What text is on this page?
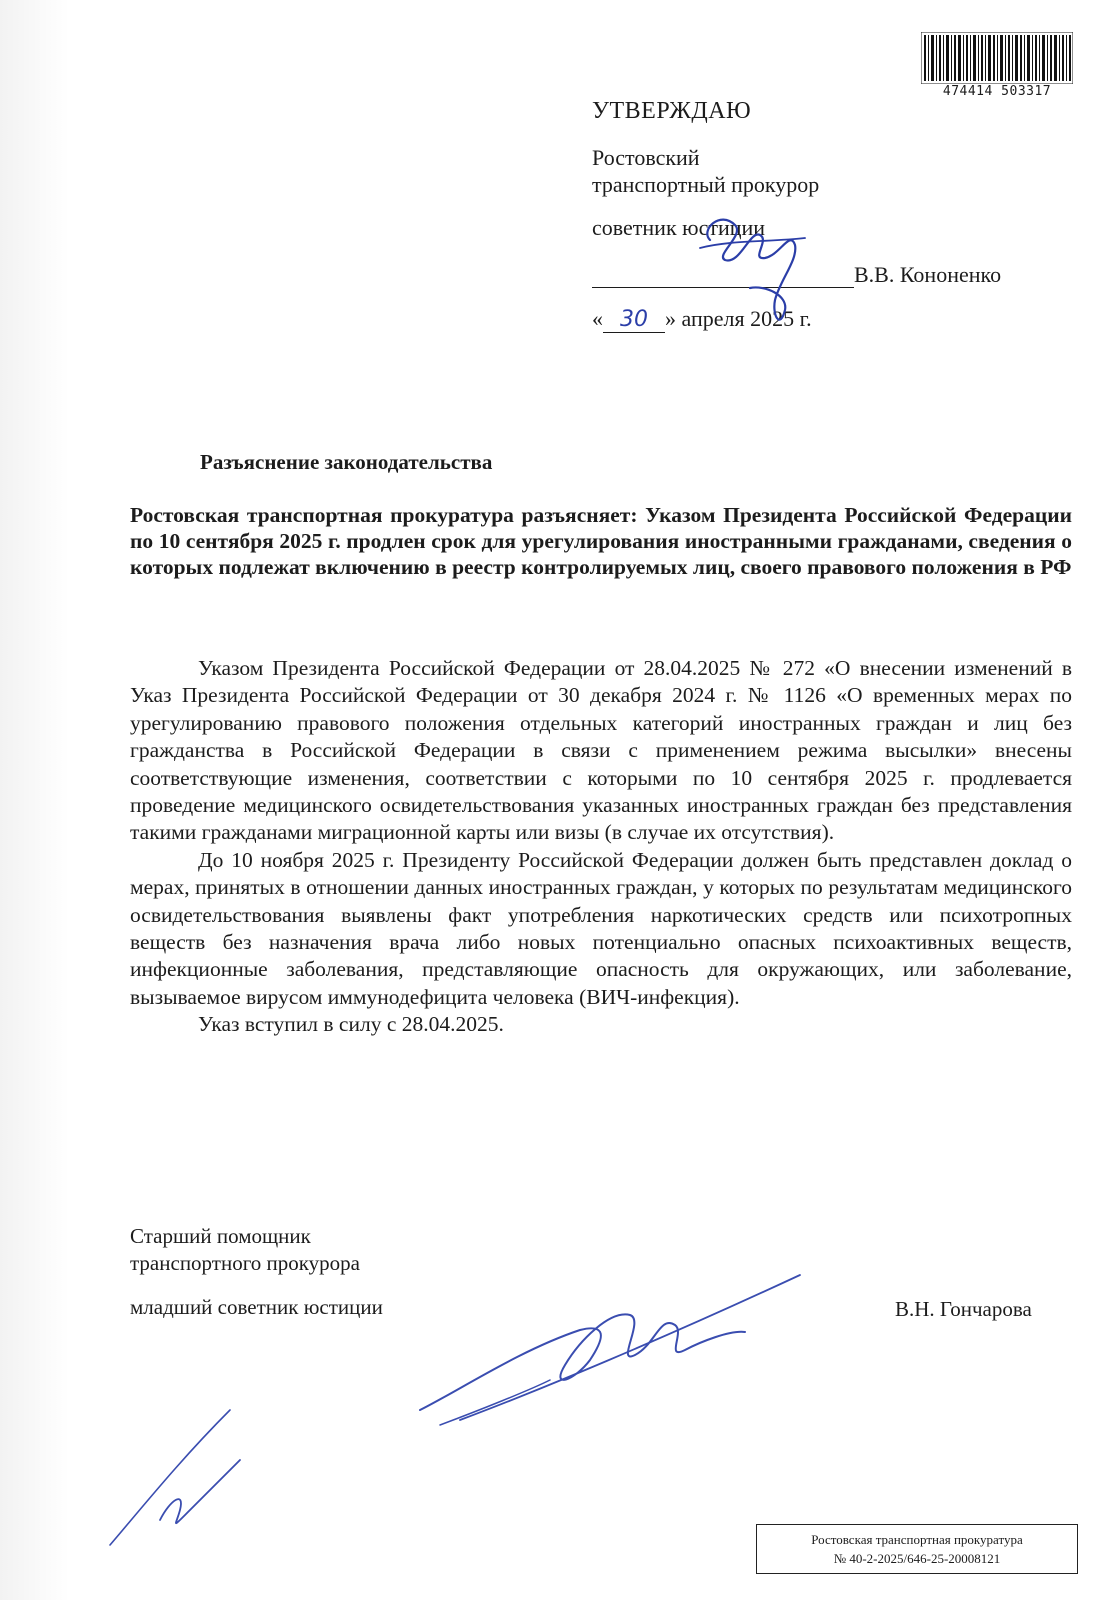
474414 503317
УТВЕРЖДАЮ
Ростовский
транспортный прокурор
советник юстиции
В.В. Кононенко
« 30 » апреля 2025 г.
Разъяснение законодательства
Ростовская транспортная прокуратура разъясняет: Указом Президента Российской Федерации по 10 сентября 2025 г. продлен срок для урегулирования иностранными гражданами, сведения о которых подлежат включению в реестр контролируемых лиц, своего правового положения в РФ

Указом Президента Российской Федерации от 28.04.2025 № 272 «О внесении изменений в Указ Президента Российской Федерации от 30 декабря 2024 г. № 1126 «О временных мерах по урегулированию правового положения отдельных категорий иностранных граждан и лиц без гражданства в Российской Федерации в связи с применением режима высылки» внесены соответствующие изменения, соответствии с которыми по 10 сентября 2025 г. продлевается проведение медицинского освидетельствования указанных иностранных граждан без представления такими гражданами миграционной карты или визы (в случае их отсутствия).

До 10 ноября 2025 г. Президенту Российской Федерации должен быть представлен доклад о мерах, принятых в отношении данных иностранных граждан, у которых по результатам медицинского освидетельствования выявлены факт употребления наркотических средств или психотропных веществ без назначения врача либо новых потенциально опасных психоактивных веществ, инфекционные заболевания, представляющие опасность для окружающих, или заболевание, вызываемое вирусом иммунодефицита человека (ВИЧ-инфекция).

Указ вступил в силу с 28.04.2025.

Старший помощник
транспортного прокурора
младший советник юстиции	В.Н. Гончарова
Ростовская транспортная прокуратура
№ 40-2-2025/646-25-20008121
